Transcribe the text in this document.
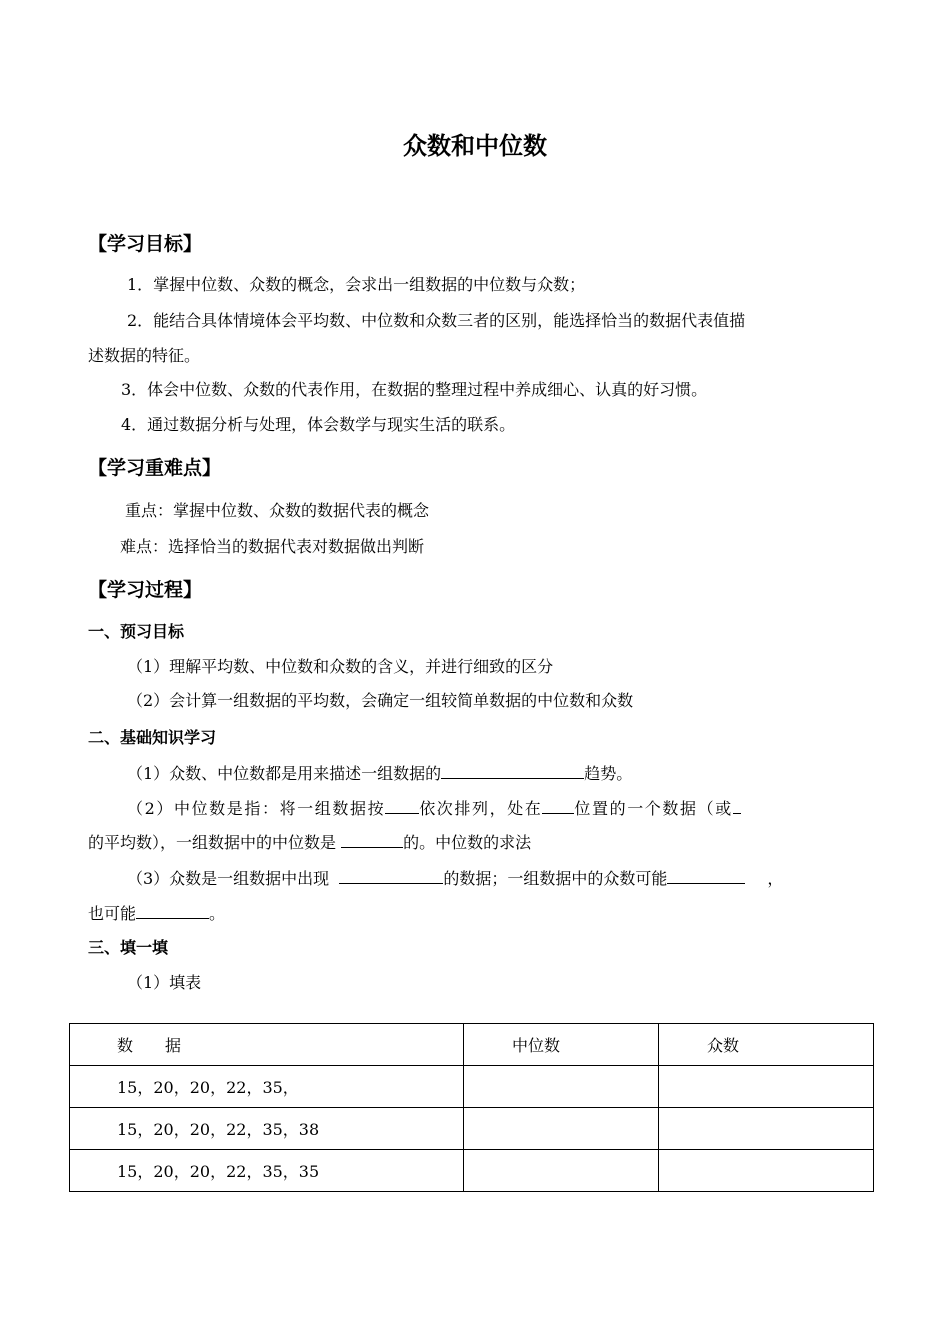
众数和中位数
【学习目标】
1．掌握中位数、众数的概念，会求出一组数据的中位数与众数；
2．能结合具体情境体会平均数、中位数和众数三者的区别，能选择恰当的数据代表值描
述数据的特征。
3．体会中位数、众数的代表作用，在数据的整理过程中养成细心、认真的好习惯。
4．通过数据分析与处理，体会数学与现实生活的联系。
【学习重难点】
重点：掌握中位数、众数的数据代表的概念
难点：选择恰当的数据代表对数据做出判断
【学习过程】
一、预习目标
（1）理解平均数、中位数和众数的含义，并进行细致的区分
（2）会计算一组数据的平均数，会确定一组较简单数据的中位数和众数
二、基础知识学习
（1）众数、中位数都是用来描述一组数据的	趋势。
（2）中位数是指：将一组数据按 依次排列，处在 位置的一个数据（或
的平均数），一组数据中的中位数是	的。中位数的求法
（3）众数是一组数据中出现	的数据；一组数据中的众数可能	，
也可能	。
三、填一填
（1）填表
数　　据	中位数	众数
15，20，20，22，35，		
15，20，20，22，35，38		
15，20，20，22，35，35		
